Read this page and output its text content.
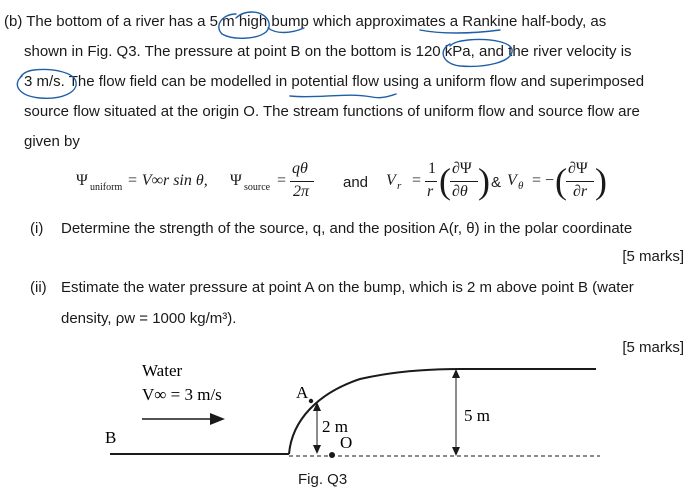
(b) The bottom of a river has a 5 m high bump which approximates a Rankine half-body, as
shown in Fig. Q3. The pressure at point B on the bottom is 120 kPa, and the river velocity is
3 m/s. The flow field can be modelled in potential flow using a uniform flow and superimposed
source flow situated at the origin O. The stream functions of uniform flow and source flow are
given by
Ψ uniform = V∞r sin θ, Ψ source =
qθ
2π
and V r =
1
r ( ∂Ψ
∂θ ) & V θ = − ( ∂Ψ
∂r )
(i) Determine the strength of the source, q, and the position A(r, θ) in the polar coordinate
[5 marks]
(ii) Estimate the water pressure at point A on the bump, which is 2 m above point B (water
density, ρw = 1000 kg/m³).
[5 marks]
Water
V∞ = 3 m/s	A
B	O
2 m
5 m
Fig. Q3
